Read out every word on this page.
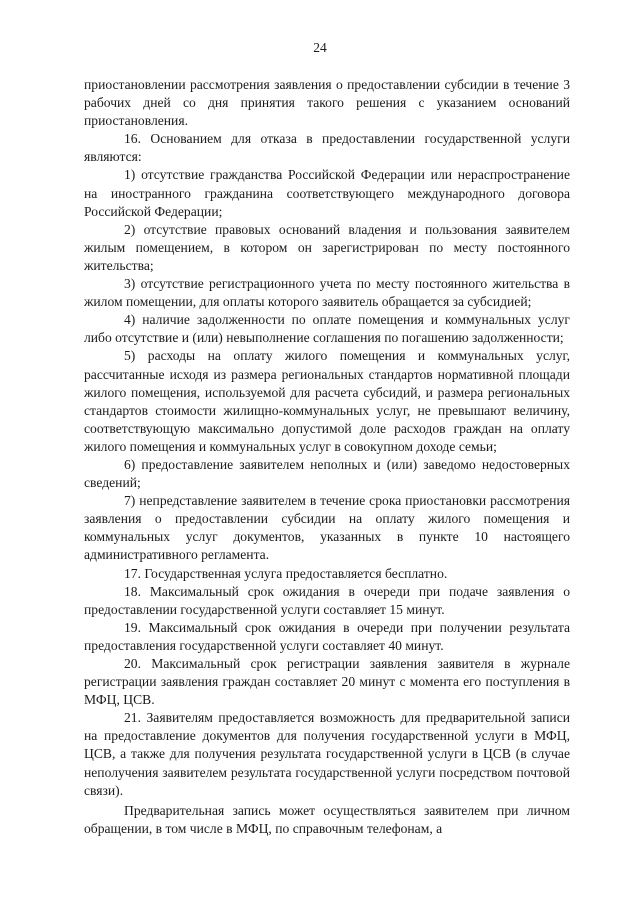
24

приостановлении рассмотрения заявления о предоставлении субсидии в течение 3 рабочих дней со дня принятия такого решения с указанием оснований приостановления.

16. Основанием для отказа в предоставлении государственной услуги являются:

1) отсутствие гражданства Российской Федерации или нераспространение на иностранного гражданина соответствующего международного договора Российской Федерации;

2) отсутствие правовых оснований владения и пользования заявителем жилым помещением, в котором он зарегистрирован по месту постоянного жительства;

3) отсутствие регистрационного учета по месту постоянного жительства в жилом помещении, для оплаты которого заявитель обращается за субсидией;

4) наличие задолженности по оплате помещения и коммунальных услуг либо отсутствие и (или) невыполнение соглашения по погашению задолженности;

5) расходы на оплату жилого помещения и коммунальных услуг, рассчитанные исходя из размера региональных стандартов нормативной площади жилого помещения, используемой для расчета субсидий, и размера региональных стандартов стоимости жилищно-коммунальных услуг, не превышают величину, соответствующую максимально допустимой доле расходов граждан на оплату жилого помещения и коммунальных услуг в совокупном доходе семьи;

6) предоставление заявителем неполных и (или) заведомо недостоверных сведений;

7) непредставление заявителем в течение срока приостановки рассмотрения заявления о предоставлении субсидии на оплату жилого помещения и коммунальных услуг документов, указанных в пункте 10 настоящего административного регламента.

17. Государственная услуга предоставляется бесплатно.

18. Максимальный срок ожидания в очереди при подаче заявления о предоставлении государственной услуги составляет 15 минут.

19. Максимальный срок ожидания в очереди при получении результата предоставления государственной услуги составляет 40 минут.

20. Максимальный срок регистрации заявления заявителя в журнале регистрации заявления граждан составляет 20 минут с момента его поступления в МФЦ, ЦСВ.

21. Заявителям предоставляется возможность для предварительной записи на предоставление документов для получения государственной услуги в МФЦ, ЦСВ, а также для получения результата государственной услуги в ЦСВ (в случае неполучения заявителем результата государственной услуги посредством почтовой связи).

Предварительная запись может осуществляться заявителем при личном обращении, в том числе в МФЦ, по справочным телефонам, а
